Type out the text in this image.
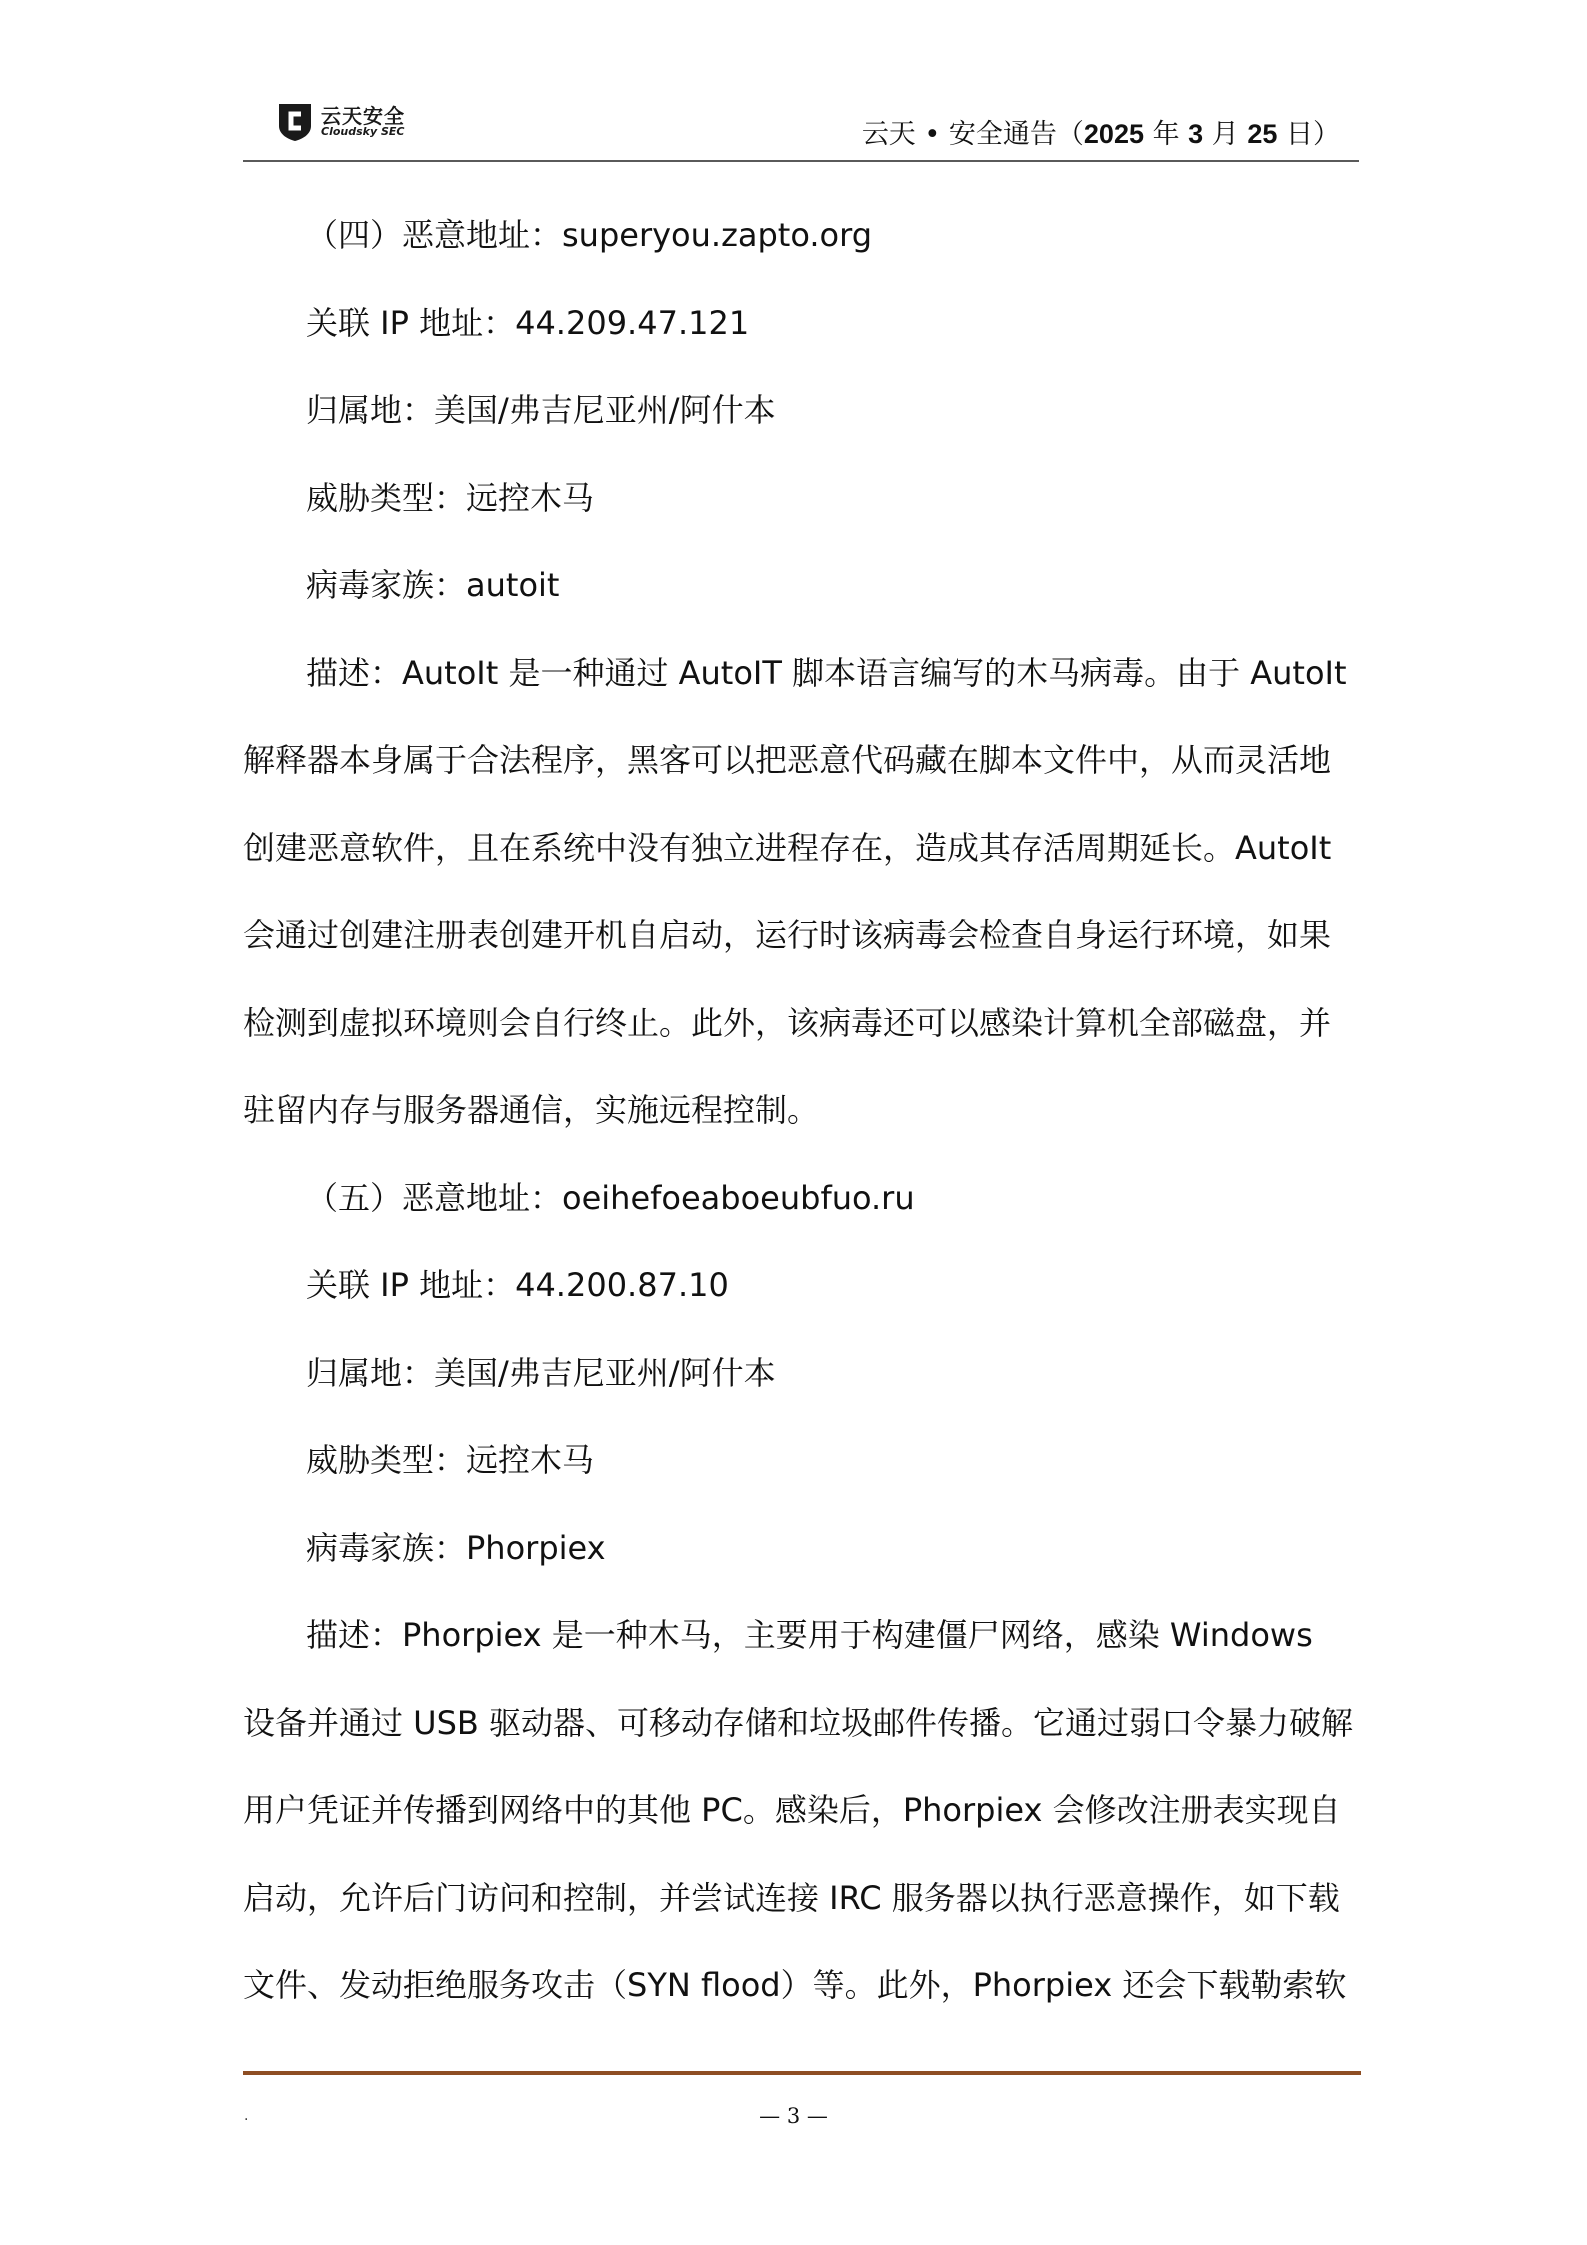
云天安全
Cloudsky SEC	云天 • 安全通告（2025 年 3 月 25 日）
（四）恶意地址：superyou.zapto.org
关联 IP 地址：44.209.47.121
归属地：美国/弗吉尼亚州/阿什本
威胁类型：远控木马
病毒家族：autoit
描述：AutoIt 是一种通过 AutoIT 脚本语言编写的木马病毒。由于 AutoIt
解释器本身属于合法程序，黑客可以把恶意代码藏在脚本文件中，从而灵活地
创建恶意软件，且在系统中没有独立进程存在，造成其存活周期延长。AutoIt
会通过创建注册表创建开机自启动，运行时该病毒会检查自身运行环境，如果
检测到虚拟环境则会自行终止。此外，该病毒还可以感染计算机全部磁盘，并
驻留内存与服务器通信，实施远程控制。
（五）恶意地址：oeihefoeaboeubfuo.ru
关联 IP 地址：44.200.87.10
归属地：美国/弗吉尼亚州/阿什本
威胁类型：远控木马
病毒家族：Phorpiex
描述：Phorpiex 是一种木马，主要用于构建僵尸网络，感染 Windows
设备并通过 USB 驱动器、可移动存储和垃圾邮件传播。它通过弱口令暴力破解
用户凭证并传播到网络中的其他 PC。感染后，Phorpiex 会修改注册表实现自
启动，允许后门访问和控制，并尝试连接 IRC 服务器以执行恶意操作，如下载
文件、发动拒绝服务攻击（SYN flood）等。此外，Phorpiex 还会下载勒索软
.	— 3 —
